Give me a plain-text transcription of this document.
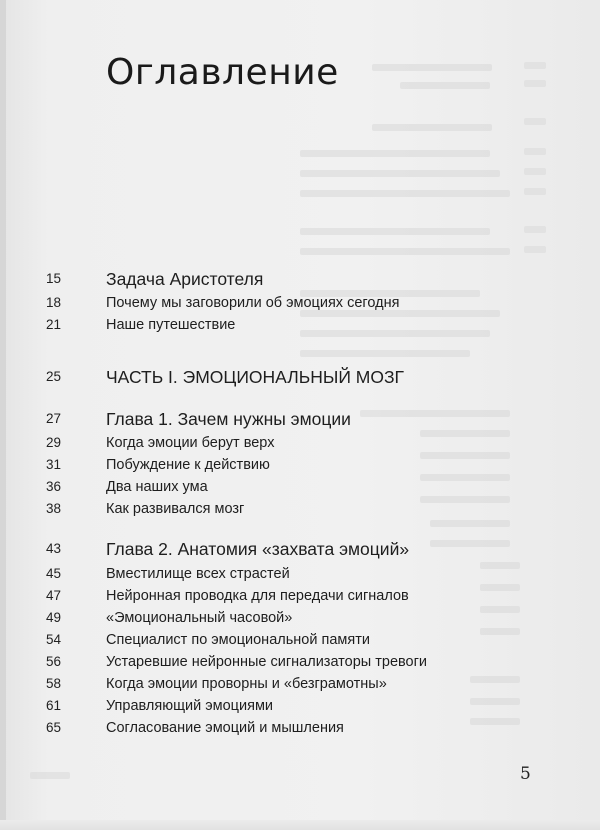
Оглавление
15	Задача Аристотеля
18	Почему мы заговорили об эмоциях сегодня
21	Наше путешествие
25	ЧАСТЬ I. ЭМОЦИОНАЛЬНЫЙ МОЗГ
27	Глава 1. Зачем нужны эмоции
29	Когда эмоции берут верх
31	Побуждение к действию
36	Два наших ума
38	Как развивался мозг
43	Глава 2. Анатомия «захвата эмоций»
45	Вместилище всех страстей
47	Нейронная проводка для передачи сигналов
49	«Эмоциональный часовой»
54	Специалист по эмоциональной памяти
56	Устаревшие нейронные сигнализаторы тревоги
58	Когда эмоции проворны и «безграмотны»
61	Управляющий эмоциями
65	Согласование эмоций и мышления
5
